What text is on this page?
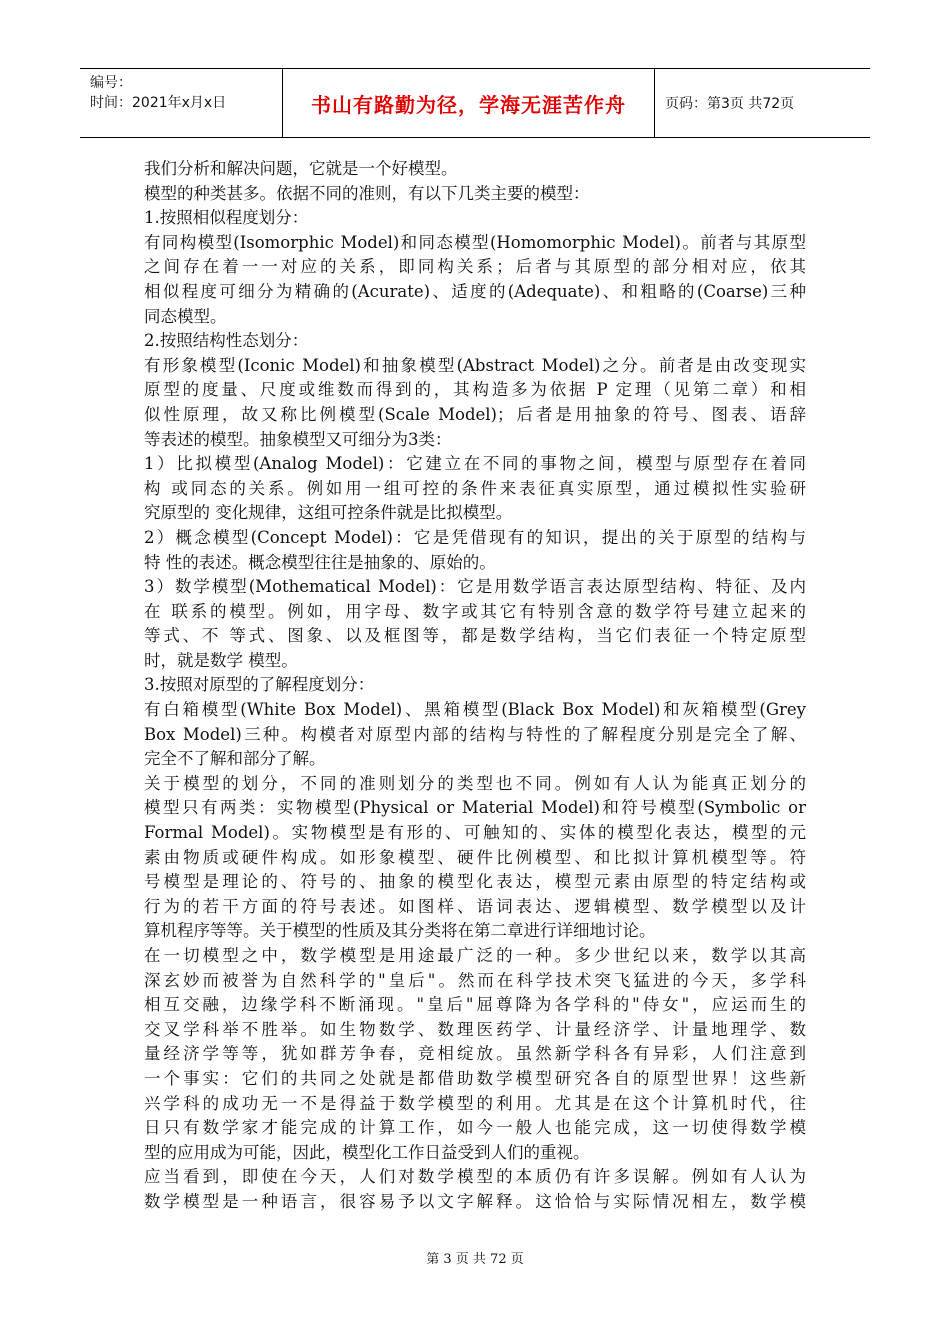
编号：
时间：2021年x月x日	书山有路勤为径，学海无涯苦作舟	页码：第3页 共72页
我们分析和解决问题，它就是一个好模型。
模型的种类甚多。依据不同的准则，有以下几类主要的模型：
1.按照相似程度划分：
有同构模型(Isomorphic Model)和同态模型(Homomorphic Model)。前者与其原型
之间存在着一一对应的关系，即同构关系；后者与其原型的部分相对应，依其
相似程度可细分为精确的(Acurate)、适度的(Adequate)、和粗略的(Coarse)三种
同态模型。
2.按照结构性态划分：
有形象模型(Iconic Model)和抽象模型(Abstract Model)之分。前者是由改变现实
原型的度量、尺度或维数而得到的，其构造多为依据 P 定理（见第二章）和相
似性原理，故又称比例模型(Scale Model)；后者是用抽象的符号、图表、语辞
等表述的模型。抽象模型又可细分为3类：
1）比拟模型(Analog Model)：它建立在不同的事物之间，模型与原型存在着同
构 或同态的关系。例如用一组可控的条件来表征真实原型，通过模拟性实验研
究原型的 变化规律，这组可控条件就是比拟模型。
2）概念模型(Concept Model)：它是凭借现有的知识，提出的关于原型的结构与
特 性的表述。概念模型往往是抽象的、原始的。
3）数学模型(Mothematical Model)：它是用数学语言表达原型结构、特征、及内
在 联系的模型。例如，用字母、数字或其它有特别含意的数学符号建立起来的
等式、不 等式、图象、以及框图等，都是数学结构，当它们表征一个特定原型
时，就是数学 模型。
3.按照对原型的了解程度划分：
有白箱模型(White Box Model)、黑箱模型(Black Box Model)和灰箱模型(Grey
Box Model)三种。构模者对原型内部的结构与特性的了解程度分别是完全了解、
完全不了解和部分了解。
关于模型的划分，不同的准则划分的类型也不同。例如有人认为能真正划分的
模型只有两类：实物模型(Physical or Material Model)和符号模型(Symbolic or
Formal Model)。实物模型是有形的、可触知的、实体的模型化表达，模型的元
素由物质或硬件构成。如形象模型、硬件比例模型、和比拟计算机模型等。符
号模型是理论的、符号的、抽象的模型化表达，模型元素由原型的特定结构或
行为的若干方面的符号表述。如图样、语词表达、逻辑模型、数学模型以及计
算机程序等等。关于模型的性质及其分类将在第二章进行详细地讨论。
在一切模型之中，数学模型是用途最广泛的一种。多少世纪以来，数学以其高
深玄妙而被誉为自然科学的"皇后"。然而在科学技术突飞猛进的今天，多学科
相互交融，边缘学科不断涌现。"皇后"屈尊降为各学科的"侍女"，应运而生的
交叉学科举不胜举。如生物数学、数理医药学、计量经济学、计量地理学、数
量经济学等等，犹如群芳争春，竞相绽放。虽然新学科各有异彩，人们注意到
一个事实：它们的共同之处就是都借助数学模型研究各自的原型世界！这些新
兴学科的成功无一不是得益于数学模型的利用。尤其是在这个计算机时代，往
日只有数学家才能完成的计算工作，如今一般人也能完成，这一切使得数学模
型的应用成为可能，因此，模型化工作日益受到人们的重视。
应当看到，即使在今天，人们对数学模型的本质仍有许多误解。例如有人认为
数学模型是一种语言，很容易予以文字解释。这恰恰与实际情况相左，数学模
第 3 页 共 72 页
